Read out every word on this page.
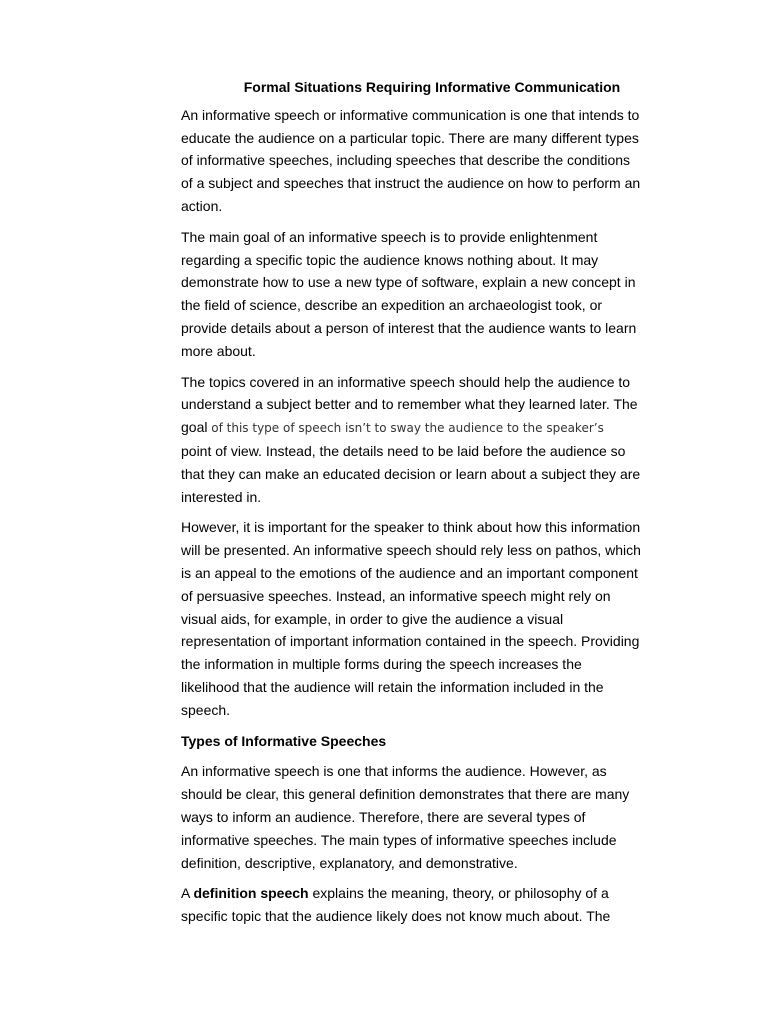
Formal Situations Requiring Informative Communication

An informative speech or informative communication is one that intends to
educate the audience on a particular topic. There are many different types
of informative speeches, including speeches that describe the conditions
of a subject and speeches that instruct the audience on how to perform an
action.

The main goal of an informative speech is to provide enlightenment
regarding a specific topic the audience knows nothing about. It may
demonstrate how to use a new type of software, explain a new concept in
the field of science, describe an expedition an archaeologist took, or
provide details about a person of interest that the audience wants to learn
more about.

The topics covered in an informative speech should help the audience to
understand a subject better and to remember what they learned later. The
goal of this type of speech isn’t to sway the audience to the speaker’s
point of view. Instead, the details need to be laid before the audience so
that they can make an educated decision or learn about a subject they are
interested in.

However, it is important for the speaker to think about how this information
will be presented. An informative speech should rely less on pathos, which
is an appeal to the emotions of the audience and an important component
of persuasive speeches. Instead, an informative speech might rely on
visual aids, for example, in order to give the audience a visual
representation of important information contained in the speech. Providing
the information in multiple forms during the speech increases the
likelihood that the audience will retain the information included in the
speech.

Types of Informative Speeches

An informative speech is one that informs the audience. However, as
should be clear, this general definition demonstrates that there are many
ways to inform an audience. Therefore, there are several types of
informative speeches. The main types of informative speeches include
definition, descriptive, explanatory, and demonstrative.

A definition speech explains the meaning, theory, or philosophy of a
specific topic that the audience likely does not know much about. The
